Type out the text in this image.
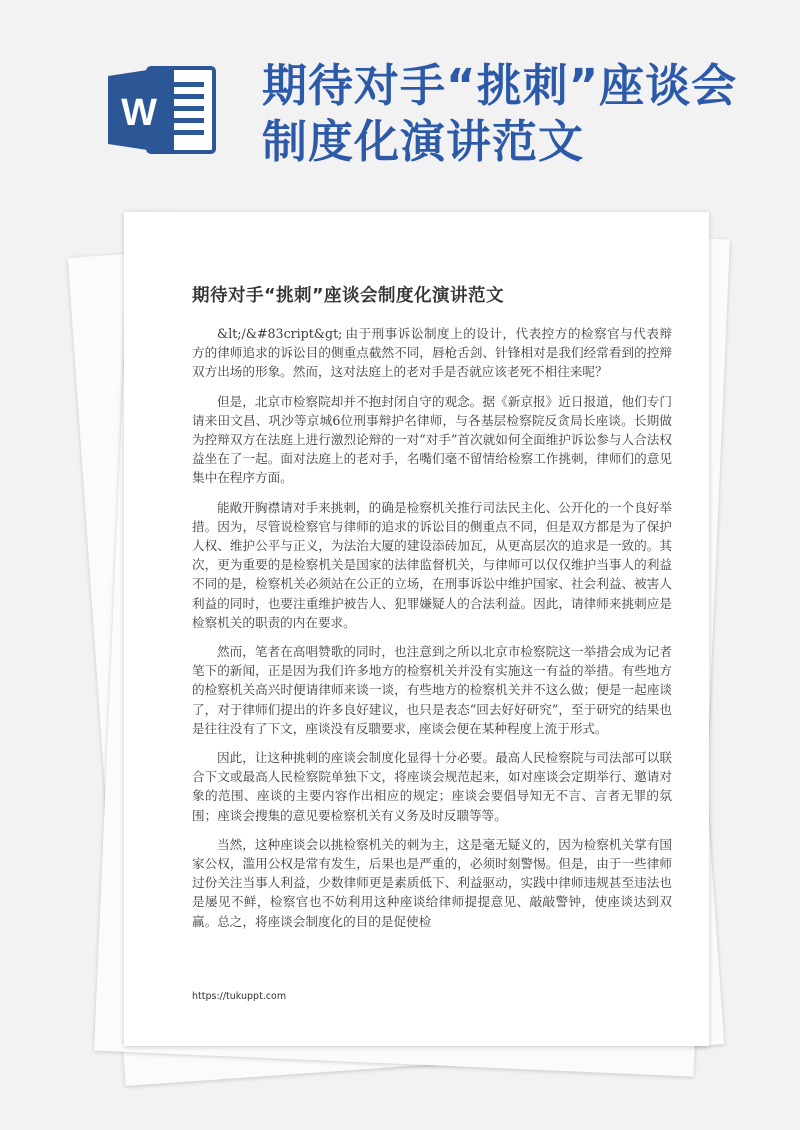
W
期待对手“挑刺”座谈会制度化演讲范文
期待对手“挑刺”座谈会制度化演讲范文

&lt;/&#83cript&gt; 由于刑事诉讼制度上的设计，代表控方的检察官与代表辩方的律师追求的诉讼目的侧重点截然不同，唇枪舌剑、针锋相对是我们经常看到的控辩双方出场的形象。然而，这对法庭上的老对手是否就应该老死不相往来呢？

但是，北京市检察院却并不抱封闭自守的观念。据《新京报》近日报道，他们专门请来田文昌、巩沙等京城6位刑事辩护名律师，与各基层检察院反贪局长座谈。长期做为控辩双方在法庭上进行激烈论辩的一对“对手”首次就如何全面维护诉讼参与人合法权益坐在了一起。面对法庭上的老对手，名嘴们毫不留情给检察工作挑刺，律师们的意见集中在程序方面。

能敞开胸襟请对手来挑刺，的确是检察机关推行司法民主化、公开化的一个良好举措。因为，尽管说检察官与律师的追求的诉讼目的侧重点不同，但是双方都是为了保护人权、维护公平与正义，为法治大厦的建设添砖加瓦，从更高层次的追求是一致的。其次，更为重要的是检察机关是国家的法律监督机关，与律师可以仅仅维护当事人的利益不同的是，检察机关必须站在公正的立场，在刑事诉讼中维护国家、社会利益、被害人利益的同时，也要注重维护被告人、犯罪嫌疑人的合法利益。因此，请律师来挑刺应是检察机关的职责的内在要求。

然而，笔者在高唱赞歌的同时，也注意到之所以北京市检察院这一举措会成为记者笔下的新闻，正是因为我们许多地方的检察机关并没有实施这一有益的举措。有些地方的检察机关高兴时便请律师来谈一谈，有些地方的检察机关并不这么做；便是一起座谈了，对于律师们提出的许多良好建议，也只是表态“回去好好研究”，至于研究的结果也是往往没有了下文，座谈没有反聩要求，座谈会便在某种程度上流于形式。

因此，让这种挑刺的座谈会制度化显得十分必要。最高人民检察院与司法部可以联合下文或最高人民检察院单独下文，将座谈会规范起来，如对座谈会定期举行、邀请对象的范围、座谈的主要内容作出相应的规定；座谈会要倡导知无不言、言者无罪的氛围；座谈会搜集的意见要检察机关有义务及时反聩等等。

当然，这种座谈会以挑检察机关的刺为主，这是毫无疑义的，因为检察机关掌有国家公权，滥用公权是常有发生，后果也是严重的，必须时刻警惕。但是，由于一些律师过份关注当事人利益，少数律师更是素质低下、利益驱动，实践中律师违规甚至违法也是屡见不鲜，检察官也不妨利用这种座谈给律师提提意见、敲敲警钟，使座谈达到双赢。总之，将座谈会制度化的目的是促使检

https://tukuppt.com
